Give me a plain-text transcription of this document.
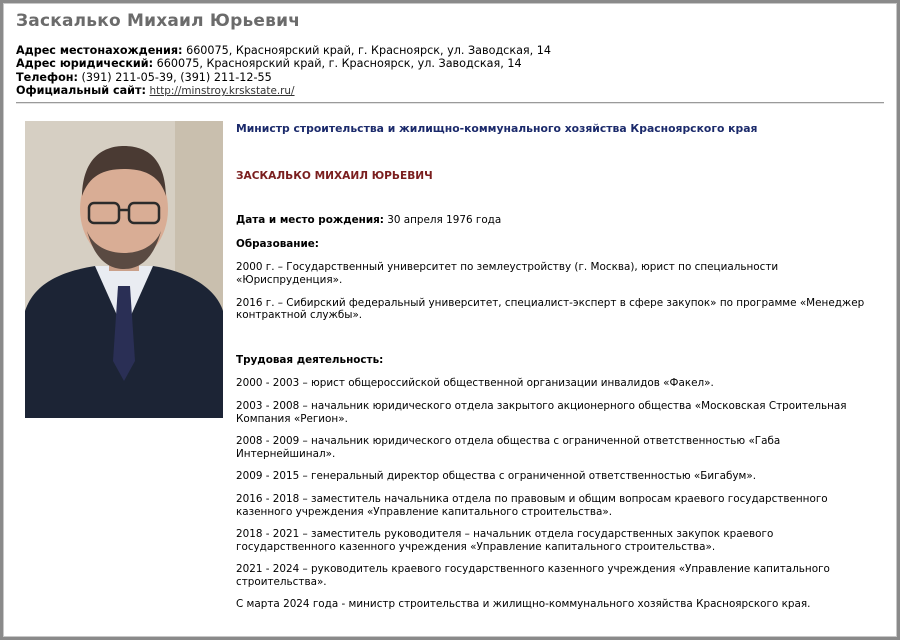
Заскалько Михаил Юрьевич
Адрес местонахождения: 660075, Красноярский край, г. Красноярск, ул. Заводская, 14
Адрес юридический: 660075, Красноярский край, г. Красноярск, ул. Заводская, 14
Телефон: (391) 211-05-39, (391) 211-12-55
Официальный сайт: http://minstroy.krskstate.ru/
Министр строительства и жилищно-коммунального хозяйства Красноярского края
ЗАСКАЛЬКО МИХАИЛ ЮРЬЕВИЧ
Дата и место рождения: 30 апреля 1976 года
Образование:
2000 г. – Государственный университет по землеустройству (г. Москва), юрист по специальности «Юриспруденция».
2016 г. – Сибирский федеральный университет, специалист-эксперт в сфере закупок» по программе «Менеджер контрактной службы».
Трудовая деятельность:
2000 - 2003 – юрист общероссийской общественной организации инвалидов «Факел».
2003 - 2008 – начальник юридического отдела закрытого акционерного общества «Московская Строительная Компания «Регион».
2008 - 2009 – начальник юридического отдела общества с ограниченной ответственностью «Габа Интернейшинал».
2009 - 2015 – генеральный директор общества с ограниченной ответственностью «Бигабум».
2016 - 2018 – заместитель начальника отдела по правовым и общим вопросам краевого государственного казенного учреждения «Управление капитального строительства».
2018 - 2021 – заместитель руководителя – начальник отдела государственных закупок краевого государственного казенного учреждения «Управление капитального строительства».
2021 - 2024 – руководитель краевого государственного казенного учреждения «Управление капитального строительства».
С марта 2024 года - министр строительства и жилищно-коммунального хозяйства Красноярского края.
